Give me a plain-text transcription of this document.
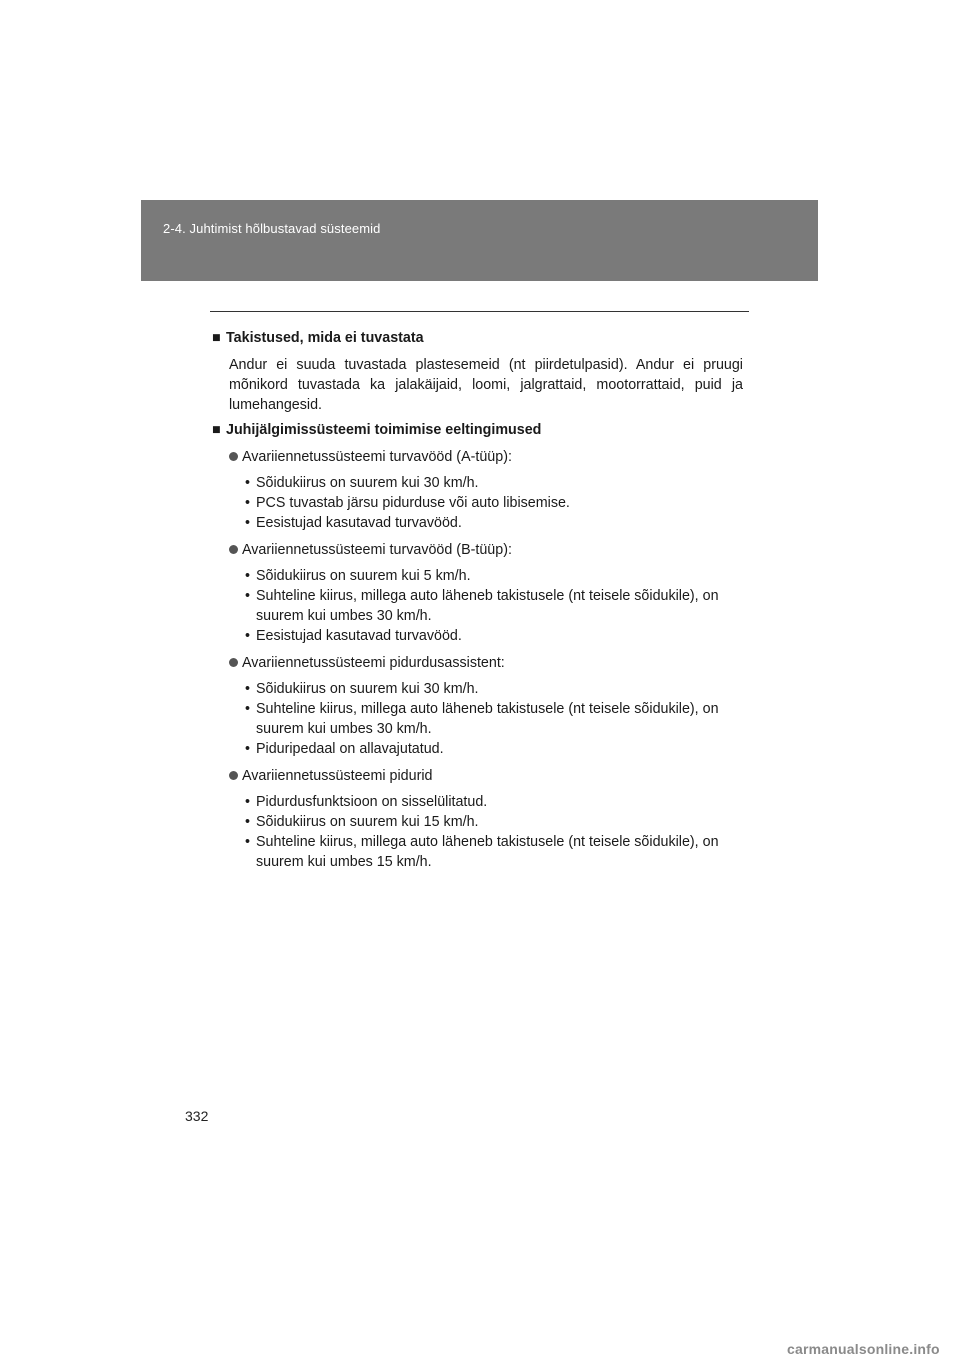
2-4. Juhtimist hõlbustavad süsteemid
■ Takistused, mida ei tuvastata

Andur ei suuda tuvastada plastesemeid (nt piirdetulpasid). Andur ei pruugi mõnikord tuvastada ka jalakäijaid, loomi, jalgrattaid, mootorrattaid, puid ja lumehangesid.

■ Juhijälgimissüsteemi toimimise eeltingimused
Avariiennetussüsteemi turvavööd (A-tüüp):
• Sõidukiirus on suurem kui 30 km/h.
• PCS tuvastab järsu pidurduse või auto libisemise.
• Eesistujad kasutavad turvavööd.
Avariiennetussüsteemi turvavööd (B-tüüp):
• Sõidukiirus on suurem kui 5 km/h.
• Suhteline kiirus, millega auto läheneb takistusele (nt teisele sõidukile), on suurem kui umbes 30 km/h.
• Eesistujad kasutavad turvavööd.
Avariiennetussüsteemi pidurdusassistent:
• Sõidukiirus on suurem kui 30 km/h.
• Suhteline kiirus, millega auto läheneb takistusele (nt teisele sõidukile), on suurem kui umbes 30 km/h.
• Piduripedaal on allavajutatud.
Avariiennetussüsteemi pidurid
• Pidurdusfunktsioon on sisselülitatud.
• Sõidukiirus on suurem kui 15 km/h.
• Suhteline kiirus, millega auto läheneb takistusele (nt teisele sõidukile), on suurem kui umbes 15 km/h.
332
carmanualsonline.info
